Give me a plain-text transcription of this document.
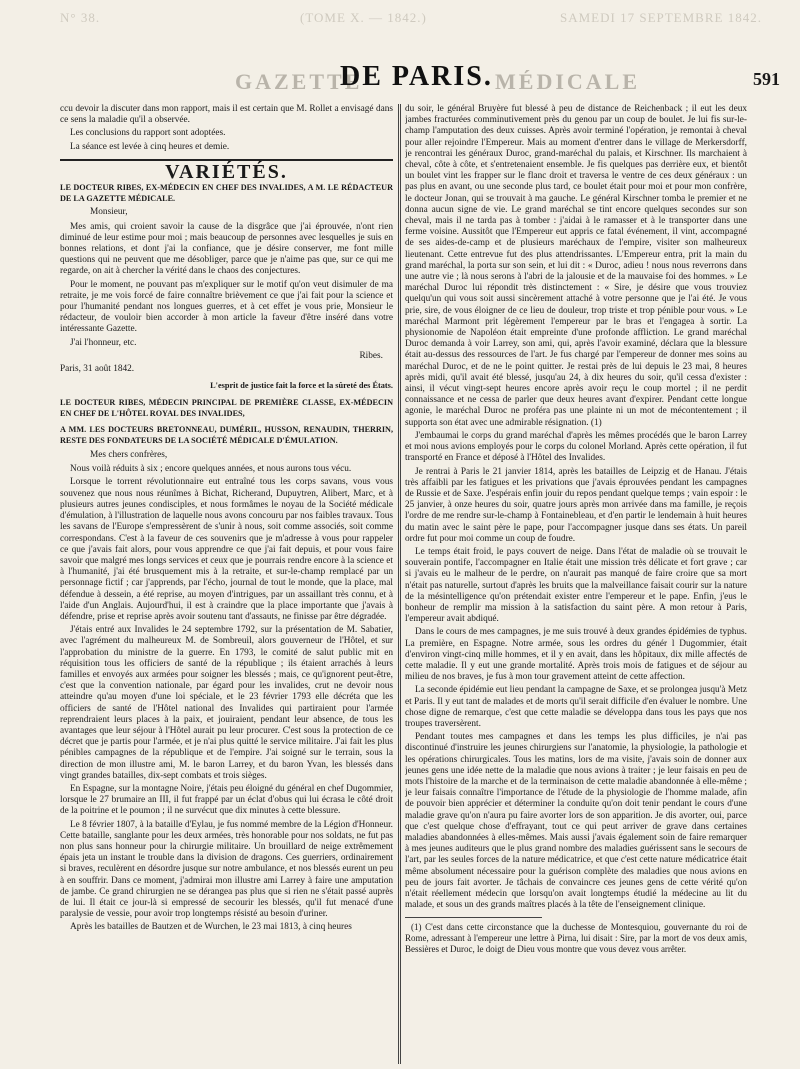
N° 38.	(TOME X. — 1842.)	SAMEDI 17 SEPTEMBRE 1842.
GAZETTE
DE PARIS. MÉDICALE	591

ccu devoir la discuter dans mon rapport, mais il est certain que M. Rollet a envisagé dans ce sens la maladie qu'il a observée.

Les conclusions du rapport sont adoptées.

La séance est levée à cinq heures et demie.

VARIÉTÉS.

LE DOCTEUR RIBES, EX-MÉDECIN EN CHEF DES INVALIDES, A M. LE RÉDACTEUR DE LA GAZETTE MÉDICALE.

Monsieur,

Mes amis, qui croient savoir la cause de la disgrâce que j'ai éprouvée, n'ont rien diminué de leur estime pour moi ; mais beaucoup de personnes avec lesquelles je suis en bonnes relations, et dont j'ai la confiance, que je désire conserver, me font mille questions qui ne peuvent que me désobliger, parce que je n'aime pas que, sur ce qui me regarde, on ait à chercher la vérité dans le chaos des conjectures.

Pour le moment, ne pouvant pas m'expliquer sur le motif qu'on veut disimuler de ma retraite, je me vois forcé de faire connaître brièvement ce que j'ai fait pour la science et pour l'humanité pendant nos longues guerres, et à cet effet je vous prie, Monsieur le rédacteur, de vouloir bien accorder à mon article la faveur d'être inséré dans votre intéressante Gazette.

J'ai l'honneur, etc.

Ribes.

Paris, 31 août 1842.

L'esprit de justice fait la force et la sûreté des États.

LE DOCTEUR RIBES, MÉDECIN PRINCIPAL DE PREMIÈRE CLASSE, EX-MÉDECIN EN CHEF DE L'HÔTEL ROYAL DES INVALIDES,

A MM. LES DOCTEURS BRETONNEAU, DUMÉRIL, HUSSON, RENAUDIN, THERRIN, RESTE DES FONDATEURS DE LA SOCIÉTÉ MÉDICALE D'ÉMULATION.

Mes chers confrères,

Nous voilà réduits à six ; encore quelques années, et nous aurons tous vécu.

Lorsque le torrent révolutionnaire eut entraîné tous les corps savans, vous vous souvenez que nous nous réunîmes à Bichat, Richerand, Dupuytren, Alibert, Marc, et à plusieurs autres jeunes condisciples, et nous formâmes le noyau de la Société médicale d'émulation, à l'illustration de laquelle nous avons concouru par nos faibles travaux. Tous les savans de l'Europe s'empressèrent de s'unir à nous, soit comme associés, soit comme correspondans. C'est à la faveur de ces souvenirs que je m'adresse à vous pour rappeler ce que j'avais fait alors, pour vous apprendre ce que j'ai fait depuis, et pour vous faire savoir que malgré mes longs services et ceux que je pourrais rendre encore à la science et à l'humanité, j'ai été brusquement mis à la retraite, et sur-le-champ remplacé par un personnage fictif ; car j'apprends, par l'écho, journal de tout le monde, que la place, mal défendue à dessein, a été reprise, au moyen d'intrigues, par un assaillant très connu, et à l'aide d'un Anglais. Aujourd'hui, il est à craindre que la place importante que j'avais à défendre, prise et reprise après avoir soutenu tant d'assauts, ne finisse par être dégradée.

J'étais entré aux Invalides le 24 septembre 1792, sur la présentation de M. Sabatier, avec l'agrément du malheureux M. de Sombreuil, alors gouverneur de l'Hôtel, et sur l'approbation du ministre de la guerre. En 1793, le comité de salut public mit en réquisition tous les officiers de santé de la république ; ils étaient arrachés à leurs familles et envoyés aux armées pour soigner les blessés ; mais, ce qu'ignorent peut-être, c'est que la convention nationale, par égard pour les invalides, crut ne devoir nous atteindre qu'au moyen d'une loi spéciale, et le 23 février 1793 elle décréta que les officiers de santé de l'Hôtel national des Invalides qui partiraient pour l'armée reprendraient leurs places à la paix, et jouiraient, pendant leur absence, de tous les avantages que leur séjour à l'Hôtel aurait pu leur procurer. C'est sous la protection de ce décret que je partis pour l'armée, et je n'ai plus quitté le service militaire. J'ai fait les plus pénibles campagnes de la république et de l'empire. J'ai soigné sur le terrain, sous la direction de mon illustre ami, M. le baron Larrey, et du baron Yvan, les blessés dans vingt grandes batailles, dix-sept combats et trois sièges.

En Espagne, sur la montagne Noire, j'étais peu éloigné du général en chef Dugommier, lorsque le 27 brumaire an III, il fut frappé par un éclat d'obus qui lui écrasa le côté droit de la poitrine et le poumon ; il ne survécut que dix minutes à cette blessure.

Le 8 février 1807, à la bataille d'Eylau, je fus nommé membre de la Légion d'Honneur. Cette bataille, sanglante pour les deux armées, très honorable pour nos soldats, ne fut pas non plus sans honneur pour la chirurgie militaire. Un brouillard de neige extrêmement épais jeta un instant le trouble dans la division de dragons. Ces guerriers, ordinairement si braves, reculèrent en désordre jusque sur notre ambulance, et nos blessés eurent un peu à en souffrir. Dans ce moment, j'admirai mon illustre ami Larrey à faire une amputation de jambe. Ce grand chirurgien ne se dérangea pas plus que si rien ne s'était passé auprès de lui. Il était ce jour-là si empressé de secourir les blessés, qu'il fut menacé d'une paralysie de vessie, pour avoir trop longtemps résisté au besoin d'uriner.

Après les batailles de Bautzen et de Wurchen, le 23 mai 1813, à cinq heures

du soir, le général Bruyère fut blessé à peu de distance de Reichenback ; il eut les deux jambes fracturées comminutivement près du genou par un coup de boulet. Je lui fis sur-le-champ l'amputation des deux cuisses. Après avoir terminé l'opération, je remontai à cheval pour aller rejoindre l'Empereur. Mais au moment d'entrer dans le village de Merkersdorff, je rencontrai les généraux Duroc, grand-maréchal du palais, et Kirschner. Ils marchaient à cheval, côte à côte, et s'entretenaient ensemble. Je fis quelques pas derrière eux, et bientôt un boulet vint les frapper sur le flanc droit et traversa le ventre de ces deux généraux : un pas plus en avant, ou une seconde plus tard, ce boulet était pour moi et pour mon confrère, le docteur Jonan, qui se trouvait à ma gauche. Le général Kirschner tomba le premier et ne donna aucun signe de vie. Le grand maréchal se tint encore quelques secondes sur son cheval, mais il ne tarda pas à tomber : j'aidai à le ramasser et à le transporter dans une ferme voisine. Aussitôt que l'Empereur eut appris ce fatal événement, il vint, accompagné de ses aides-de-camp et de plusieurs maréchaux de l'empire, visiter son malheureux lieutenant. Cette entrevue fut des plus attendrissantes. L'Empereur entra, prit la main du grand maréchal, la porta sur son sein, et lui dit : « Duroc, adieu ! nous nous reverrons dans une autre vie ; là nous serons à l'abri de la jalousie et de la mauvaise foi des hommes. » Le maréchal Duroc lui répondit très distinctement : « Sire, je désire que vous trouviez quelqu'un qui vous soit aussi sincèrement attaché à votre personne que je l'ai été. Je vous prie, sire, de vous éloigner de ce lieu de douleur, trop triste et trop pénible pour vous. » Le maréchal Marmont prit légèrement l'empereur par le bras et l'engagea à sortir. La physionomie de Napoléon était empreinte d'une profonde affliction. Le grand maréchal Duroc demanda à voir Larrey, son ami, qui, après l'avoir examiné, déclara que la blessure était au-dessus des ressources de l'art. Je fus chargé par l'empereur de donner mes soins au maréchal Duroc, et de ne le point quitter. Je restai près de lui depuis le 23 mai, 8 heures après midi, qu'il avait été blessé, jusqu'au 24, à dix heures du soir, qu'il cessa d'exister : ainsi, il vécut vingt-sept heures encore après avoir reçu le coup mortel ; il ne perdit connaissance et ne cessa de parler que deux heures avant d'expirer. Pendant cette longue agonie, le maréchal Duroc ne proféra pas une plainte ni un mot de mécontentement ; il supporta son état avec une admirable résignation. (1)

J'embaumai le corps du grand maréchal d'après les mêmes procédés que le baron Larrey et moi nous avions employés pour le corps du colonel Morland. Après cette opération, il fut transporté en France et déposé à l'Hôtel des Invalides.

Je rentrai à Paris le 21 janvier 1814, après les batailles de Leipzig et de Hanau. J'étais très affaibli par les fatigues et les privations que j'avais éprouvées pendant les campagnes de Russie et de Saxe. J'espérais enfin jouir du repos pendant quelque temps ; vain espoir : le 25 janvier, à onze heures du soir, quatre jours après mon arrivée dans ma famille, je reçois l'ordre de me rendre sur-le-champ à Fontainebleau, et d'en partir le lendemain à huit heures du matin avec le saint père le pape, pour l'accompagner jusque dans ses états. Un pareil ordre fut pour moi comme un coup de foudre.

Le temps était froid, le pays couvert de neige. Dans l'état de maladie où se trouvait le souverain pontife, l'accompagner en Italie était une mission très délicate et fort grave ; car si j'avais eu le malheur de le perdre, on n'aurait pas manqué de faire croire que sa mort n'était pas naturelle, surtout d'après les bruits que la malveillance faisait courir sur la nature de la mésintelligence qu'on prétendait exister entre l'empereur et le pape. Enfin, j'eus le bonheur de remplir ma mission à la satisfaction du saint père. A mon retour à Paris, l'empereur avait abdiqué.

Dans le cours de mes campagnes, je me suis trouvé à deux grandes épidémies de typhus. La première, en Espagne. Notre armée, sous les ordres du génér l Dugommier, était d'environ vingt-cinq mille hommes, et il y en avait, dans les hôpitaux, dix mille affectés de cette maladie. Il y eut une grande mortalité. Après trois mois de fatigues et de séjour au milieu de nos braves, je fus à mon tour gravement atteint de cette affection.

La seconde épidémie eut lieu pendant la campagne de Saxe, et se prolongea jusqu'à Metz et Paris. Il y eut tant de malades et de morts qu'il serait difficile d'en évaluer le nombre. Une chose digne de remarque, c'est que cette maladie se développa dans tous les pays que nos troupes traversèrent.

Pendant toutes mes campagnes et dans les temps les plus difficiles, je n'ai pas discontinué d'instruire les jeunes chirurgiens sur l'anatomie, la physiologie, la pathologie et les opérations chirurgicales. Tous les matins, lors de ma visite, j'avais soin de donner aux jeunes gens une idée nette de la maladie que nous avions à traiter ; je leur faisais en peu de mots l'histoire de la marche et de la terminaison de cette maladie abandonnée à elle-même ; je leur faisais connaître l'importance de l'étude de la physiologie de l'homme malade, afin de pouvoir bien apprécier et déterminer la conduite qu'on doit tenir pendant le cours d'une maladie grave qu'on n'aura pu faire avorter lors de son apparition. Je dis avorter, oui, parce que c'est quelque chose d'effrayant, tout ce qui peut arriver de grave dans certaines maladies abandonnées à elles-mêmes. Mais aussi j'avais également soin de faire remarquer à mes jeunes auditeurs que le plus grand nombre des maladies guérissent sans le secours de l'art, par les seules forces de la nature médicatrice, et que c'est cette nature médicatrice était même absolument nécessaire pour la guérison complète des maladies que nous avions en peu de jours fait avorter. Je tâchais de convaincre ces jeunes gens de cette vérité qu'on n'était réellement médecin que lorsqu'on avait longtemps étudié la médecine au lit du malade, et sous un des grands maîtres placés à la tête de l'enseignement clinique.

(1) C'est dans cette circonstance que la duchesse de Montesquiou, gouvernante du roi de Rome, adressant à l'empereur une lettre à Pirna, lui disait : Sire, par la mort de vos deux amis, Bessières et Duroc, le doigt de Dieu vous montre que vous devez vous arrêter.
